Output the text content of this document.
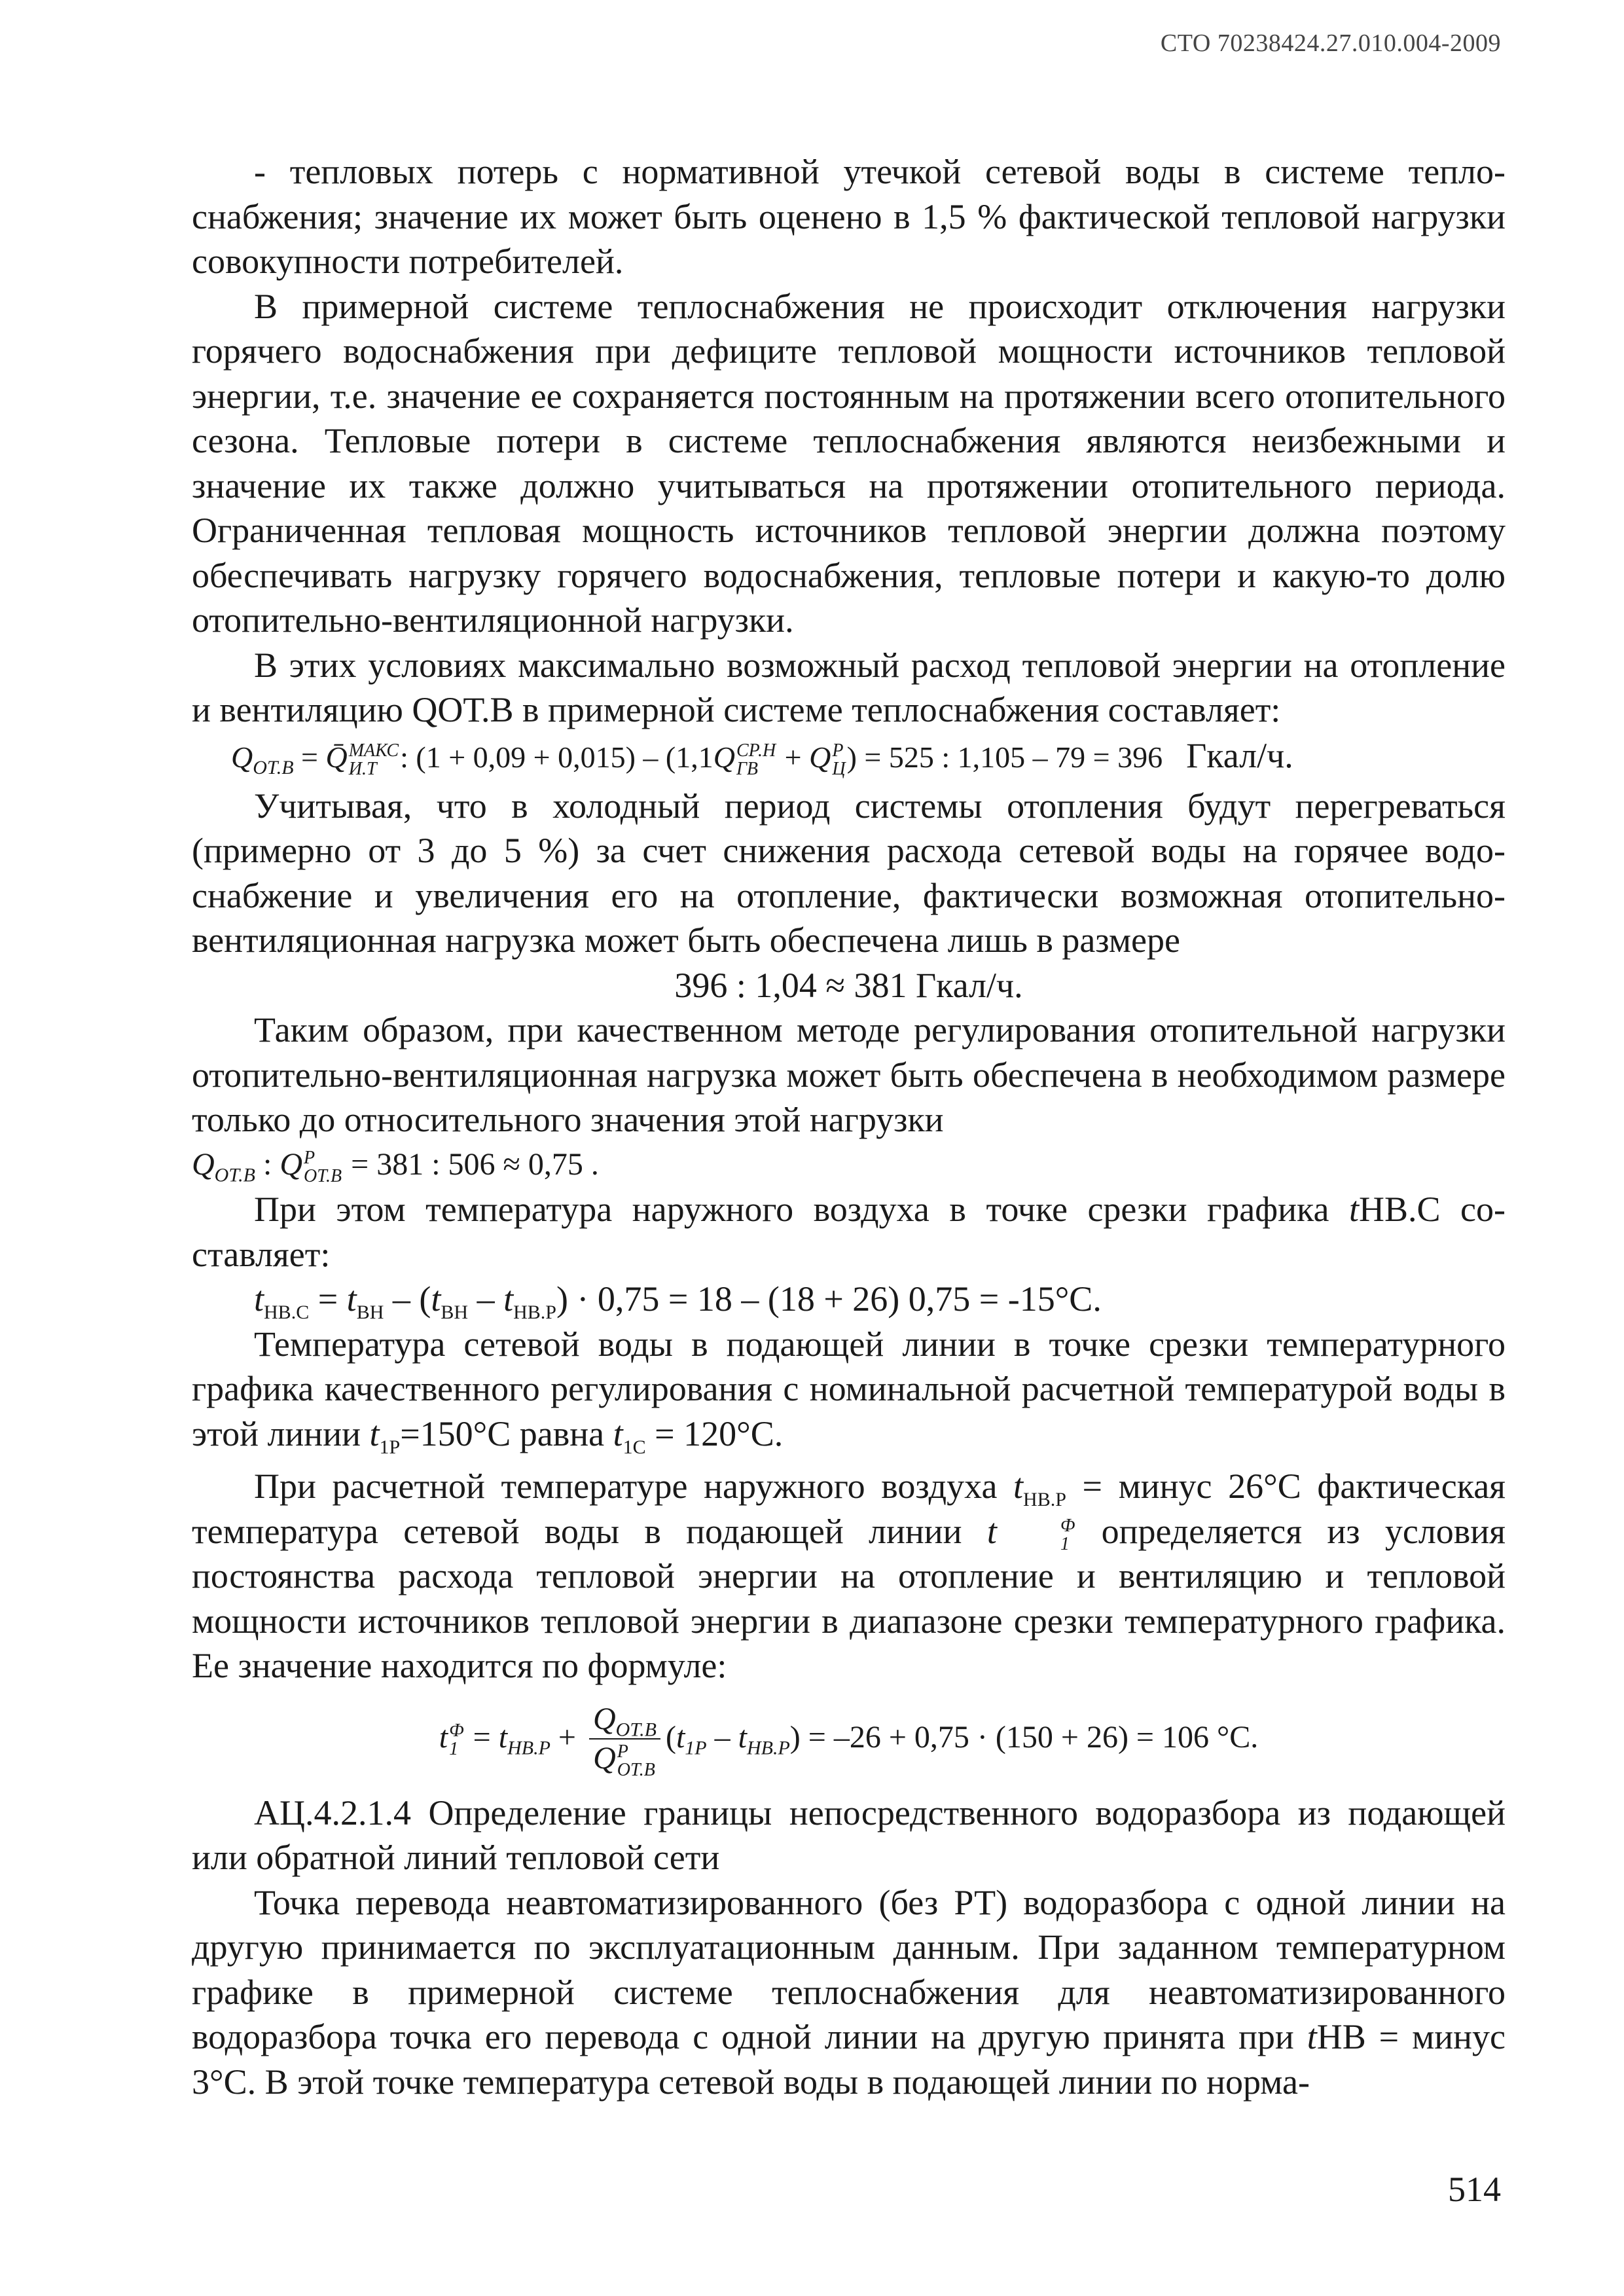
СТО 70238424.27.010.004-2009

- тепловых потерь с нормативной утечкой сетевой воды в системе теплоснабжения; значение их может быть оценено в 1,5 % фактической тепловой нагрузки совокупности потребителей.

В примерной системе теплоснабжения не происходит отключения нагрузки горячего водоснабжения при дефиците тепловой мощности источников тепловой энергии, т.е. значение ее сохраняется постоянным на протяжении всего отопительного сезона. Тепловые потери в системе теплоснабжения являются неизбежными и значение их также должно учитываться на протяжении отопительного периода. Ограниченная тепловая мощность источников тепловой энергии должна поэтому обеспечивать нагрузку горячего водоснабжения, тепловые потери и какую-то долю отопительно-вентиляционной нагрузки.

В этих условиях максимально возможный расход тепловой энергии на отопление и вентиляцию QОТ.В в примерной системе теплоснабжения составляет:

$Q_{ОТ.В}$ = Q̄ МАКС
И.Т : (1 + 0,09 + 0,015) – (1,1Q СР.Н
ГВ + Q Р
Ц ) = 525 : 1,105 – 79 = 396 Гкал/ч.

Учитывая, что в холодный период системы отопления будут перегреваться (примерно от 3 до 5 %) за счет снижения расхода сетевой воды на горячее водоснабжение и увеличения его на отопление, фактически возможная отопительно-вентиляционная нагрузка может быть обеспечена лишь в размере

396 : 1,04 ≈ 381 Гкал/ч.

Таким образом, при качественном методе регулирования отопительной нагрузки отопительно-вентиляционная нагрузка может быть обеспечена в необходимом размере только до относительного значения этой нагрузки

$Q_{ОТ.В}$ : Q Р
ОТ.В = 381 : 506 ≈ 0,75 .

При этом температура наружного воздуха в точке срезки графика tНВ.С составляет:

$t_{НВ.С} = t_{ВН} - (t_{ВН} - t_{НВ.Р}) \cdot 0,75 = 18 - (18 + 26) 0,75 = -15^\circ С$.

Температура сетевой воды в подающей линии в точке срезки температурного графика качественного регулирования с номинальной расчетной температурой воды в этой линии $t_{1Р}=150^\circ С$ равна $t_{1С} = 120^\circ С$.

При расчетной температуре наружного воздуха $t_{НВ.Р}$ = минус 26°С фактическая температура сетевой воды в подающей линии t	Ф
1 определяется из условия постоянства расхода тепловой энергии на отопление и вентиляцию и тепловой мощности источников тепловой энергии в диапазоне срезки температурного графика. Ее значение находится по формуле:

t Ф
$1 = t_{НВ.Р} + Q_{ОТ.В}$
Q Р
ОТ.В $(t_{1Р} - t_{НВ.Р}) = -26 + 0,75 \cdot (150 + 26) = 106$ °С.

АЦ.4.2.1.4 Определение границы непосредственного водоразбора из подающей или обратной линий тепловой сети

Точка перевода неавтоматизированного (без РТ) водоразбора с одной линии на другую принимается по эксплуатационным данным. При заданном температурном графике в примерной системе теплоснабжения для неавтоматизированного водоразбора точка его перевода с одной линии на другую принята при tНВ = минус 3°С. В этой точке температура сетевой воды в подающей линии по норма-

514
